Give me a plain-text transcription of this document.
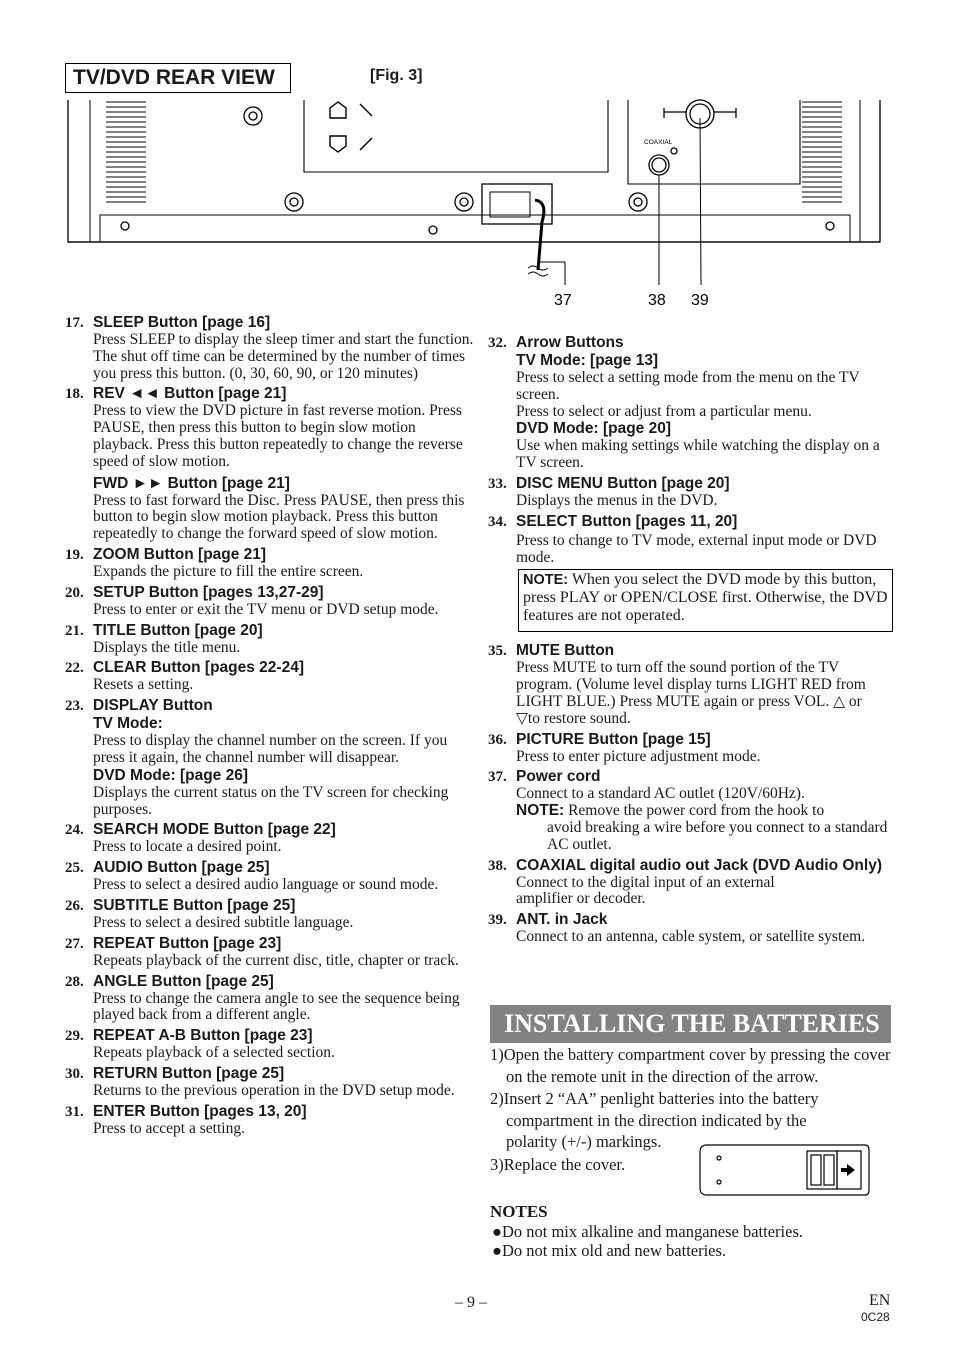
TV/DVD REAR VIEW	[Fig. 3]
COAXIAL
37	38 39
17. SLEEP Button [page 16]
Press SLEEP to display the sleep timer and start the function. The shut off time can be determined by the number of times you press this button. (0, 30, 60, 90, or 120 minutes)
18. REV ◄◄ Button [page 21]
Press to view the DVD picture in fast reverse motion. Press PAUSE, then press this button to begin slow motion playback. Press this button repeatedly to change the reverse speed of slow motion.
FWD ►► Button [page 21]
Press to fast forward the Disc. Press PAUSE, then press this button to begin slow motion playback. Press this button repeatedly to change the forward speed of slow motion.
19. ZOOM Button [page 21]
Expands the picture to fill the entire screen.
20. SETUP Button [pages 13,27-29]
Press to enter or exit the TV menu or DVD setup mode.
21. TITLE Button [page 20]
Displays the title menu.
22. CLEAR Button [pages 22-24]
Resets a setting.
23. DISPLAY Button
TV Mode:
Press to display the channel number on the screen. If you press it again, the channel number will disappear.
DVD Mode: [page 26]
Displays the current status on the TV screen for checking purposes.
24. SEARCH MODE Button [page 22]
Press to locate a desired point.
25. AUDIO Button [page 25]
Press to select a desired audio language or sound mode.
26. SUBTITLE Button [page 25]
Press to select a desired subtitle language.
27. REPEAT Button [page 23]
Repeats playback of the current disc, title, chapter or track.
28. ANGLE Button [page 25]
Press to change the camera angle to see the sequence being played back from a different angle.
29. REPEAT A-B Button [page 23]
Repeats playback of a selected section.
30. RETURN Button [page 25]
Returns to the previous operation in the DVD setup mode.
31. ENTER Button [pages 13, 20]
Press to accept a setting.
32. Arrow Buttons
TV Mode: [page 13]
Press to select a setting mode from the menu on the TV screen.
Press to select or adjust from a particular menu.
DVD Mode: [page 20]
Use when making settings while watching the display on a TV screen.
33. DISC MENU Button [page 20]
Displays the menus in the DVD.
34. SELECT Button [pages 11, 20]
Press to change to TV mode, external input mode or DVD mode.
NOTE: When you select the DVD mode by this button, press PLAY or OPEN/CLOSE first. Otherwise, the DVD features are not operated.
35. MUTE Button
Press MUTE to turn off the sound portion of the TV program. (Volume level display turns LIGHT RED from LIGHT BLUE.) Press MUTE again or press VOL. △ or ▽to restore sound.
36. PICTURE Button [page 15]
Press to enter picture adjustment mode.
37. Power cord
Connect to a standard AC outlet (120V/60Hz).
NOTE: Remove the power cord from the hook to
avoid breaking a wire before you connect to a standard AC outlet.
38. COAXIAL digital audio out Jack (DVD Audio Only)
Connect to the digital input of an external amplifier or decoder.
39. ANT. in Jack
Connect to an antenna, cable system, or satellite system.
INSTALLING THE BATTERIES
1)Open the battery compartment cover by pressing the cover on the remote unit in the direction of the arrow.
2)Insert 2 “AA” penlight batteries into the battery compartment in the direction indicated by the polarity (+/-) markings.
3)Replace the cover.
NOTES
●Do not mix alkaline and manganese batteries.
●Do not mix old and new batteries.
– 9 –	EN
0C28
